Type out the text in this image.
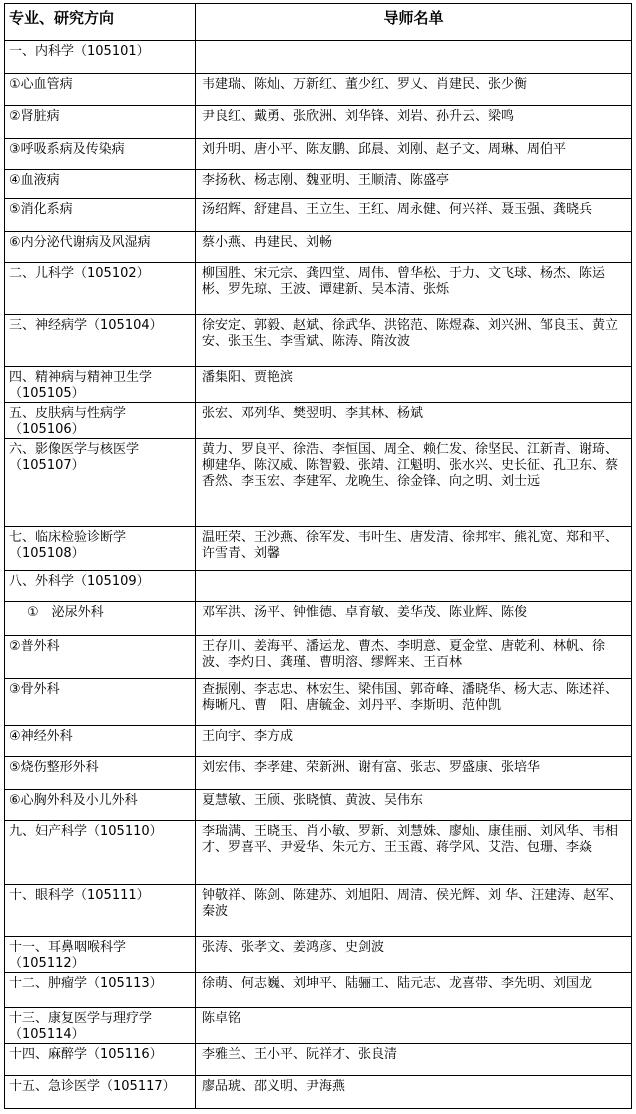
专业、研究方向	导师名单
一、内科学（105101）	
①心血管病	韦建瑞、陈灿、万新红、董少红、罗乂、肖建民、张少衡
②肾脏病	尹良红、戴勇、张欣洲、刘华锋、刘岩、孙升云、梁鸣
③呼吸系病及传染病	刘升明、唐小平、陈友鹏、邱晨、刘刚、赵子文、周琳、周伯平
④血液病	李扬秋、杨志刚、魏亚明、王顺清、陈盛亭
⑤消化系病	汤绍辉、舒建昌、王立生、王红、周永健、何兴祥、聂玉强、龚晓兵
⑥内分泌代谢病及风湿病	蔡小燕、冉建民、刘畅
二、儿科学（105102）	柳国胜、宋元宗、龚四堂、周伟、曾华松、于力、文飞球、杨杰、陈运彬、罗先琼、王波、谭建新、吴本清、张烁
三、神经病学（105104）	徐安定、郭毅、赵斌、徐武华、洪铭范、陈煜森、刘兴洲、邹良玉、黄立安、张玉生、李雪斌、陈涛、隋汝波
四、精神病与精神卫生学（105105）	潘集阳、贾艳滨
五、皮肤病与性病学（105106）	张宏、邓列华、樊翌明、李其林、杨斌
六、影像医学与核医学（105107）	黄力、罗良平、徐浩、李恒国、周全、赖仁发、徐坚民、江新青、谢琦、柳建华、陈汉威、陈智毅、张靖、江魁明、张水兴、史长征、孔卫东、蔡香然、李玉宏、李建军、龙晚生、徐金锋、向之明、刘士远
七、临床检验诊断学（105108）	温旺荣、王沙燕、徐军发、韦叶生、唐发清、徐邦牢、熊礼宽、郑和平、许雪青、刘馨
八、外科学（105109）	
①　泌尿外科	邓军洪、汤平、钟惟德、卓育敏、姜华茂、陈业辉、陈俊
②普外科	王存川、姜海平、潘运龙、曹杰、李明意、夏金堂、唐乾利、林帆、徐波、李灼日、龚瑾、曹明溶、缪辉来、王百林
③骨外科	查振刚、李志忠、林宏生、梁伟国、郭奇峰、潘晓华、杨大志、陈述祥、梅晰凡、曹　阳、唐毓金、刘丹平、李斯明、范仲凯
④神经外科	王向宇、李方成
⑤烧伤整形外科	刘宏伟、李孝建、荣新洲、谢有富、张志、罗盛康、张培华
⑥心胸外科及小儿外科	夏慧敏、王颀、张晓慎、黄波、吴伟东
九、妇产科学（105110）	李瑞满、王晓玉、肖小敏、罗新、刘慧姝、廖灿、康佳丽、刘风华、韦相才、罗喜平、尹爱华、朱元方、王玉霞、蒋学风、艾浩、包珊、李焱
十、眼科学（105111）	钟敬祥、陈剑、陈建苏、刘旭阳、周清、侯光辉、刘 华、汪建涛、赵军、秦波
十一、耳鼻咽喉科学（105112）	张涛、张孝文、姜鸿彦、史剑波
十二、肿瘤学（105113）	徐萌、何志巍、刘坤平、陆骊工、陆元志、龙喜带、李先明、刘国龙
十三、康复医学与理疗学（105114）	陈卓铭
十四、麻醉学（105116）	李雅兰、王小平、阮祥才、张良清
十五、急诊医学（105117）	廖品琥、邵义明、尹海燕
